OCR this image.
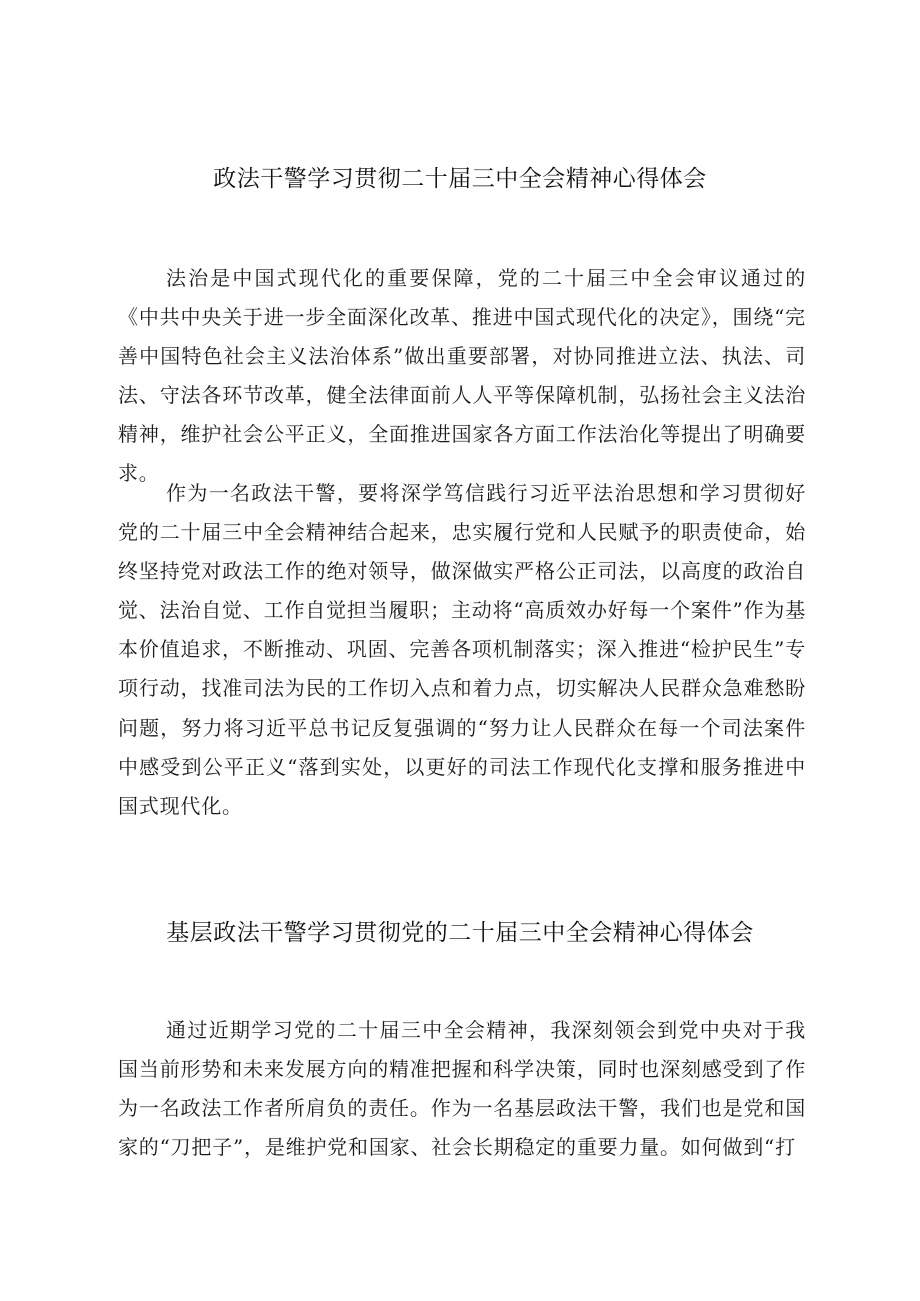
政法干警学习贯彻二十届三中全会精神心得体会

法治是中国式现代化的重要保障，党的二十届三中全会审议通过的《中共中央关于进一步全面深化改革、推进中国式现代化的决定》，围绕“完善中国特色社会主义法治体系”做出重要部署，对协同推进立法、执法、司法、守法各环节改革，健全法律面前人人平等保障机制，弘扬社会主义法治精神，维护社会公平正义，全面推进国家各方面工作法治化等提出了明确要求。

作为一名政法干警，要将深学笃信践行习近平法治思想和学习贯彻好党的二十届三中全会精神结合起来，忠实履行党和人民赋予的职责使命，始终坚持党对政法工作的绝对领导，做深做实严格公正司法，以高度的政治自觉、法治自觉、工作自觉担当履职；主动将“高质效办好每一个案件”作为基本价值追求，不断推动、巩固、完善各项机制落实；深入推进“检护民生”专项行动，找准司法为民的工作切入点和着力点，切实解决人民群众急难愁盼问题，努力将习近平总书记反复强调的“努力让人民群众在每一个司法案件中感受到公平正义“落到实处，以更好的司法工作现代化支撑和服务推进中国式现代化。

基层政法干警学习贯彻党的二十届三中全会精神心得体会

通过近期学习党的二十届三中全会精神，我深刻领会到党中央对于我国当前形势和未来发展方向的精准把握和科学决策，同时也深刻感受到了作为一名政法工作者所肩负的责任。作为一名基层政法干警，我们也是党和国家的“刀把子”，是维护党和国家、社会长期稳定的重要力量。如何做到“打
